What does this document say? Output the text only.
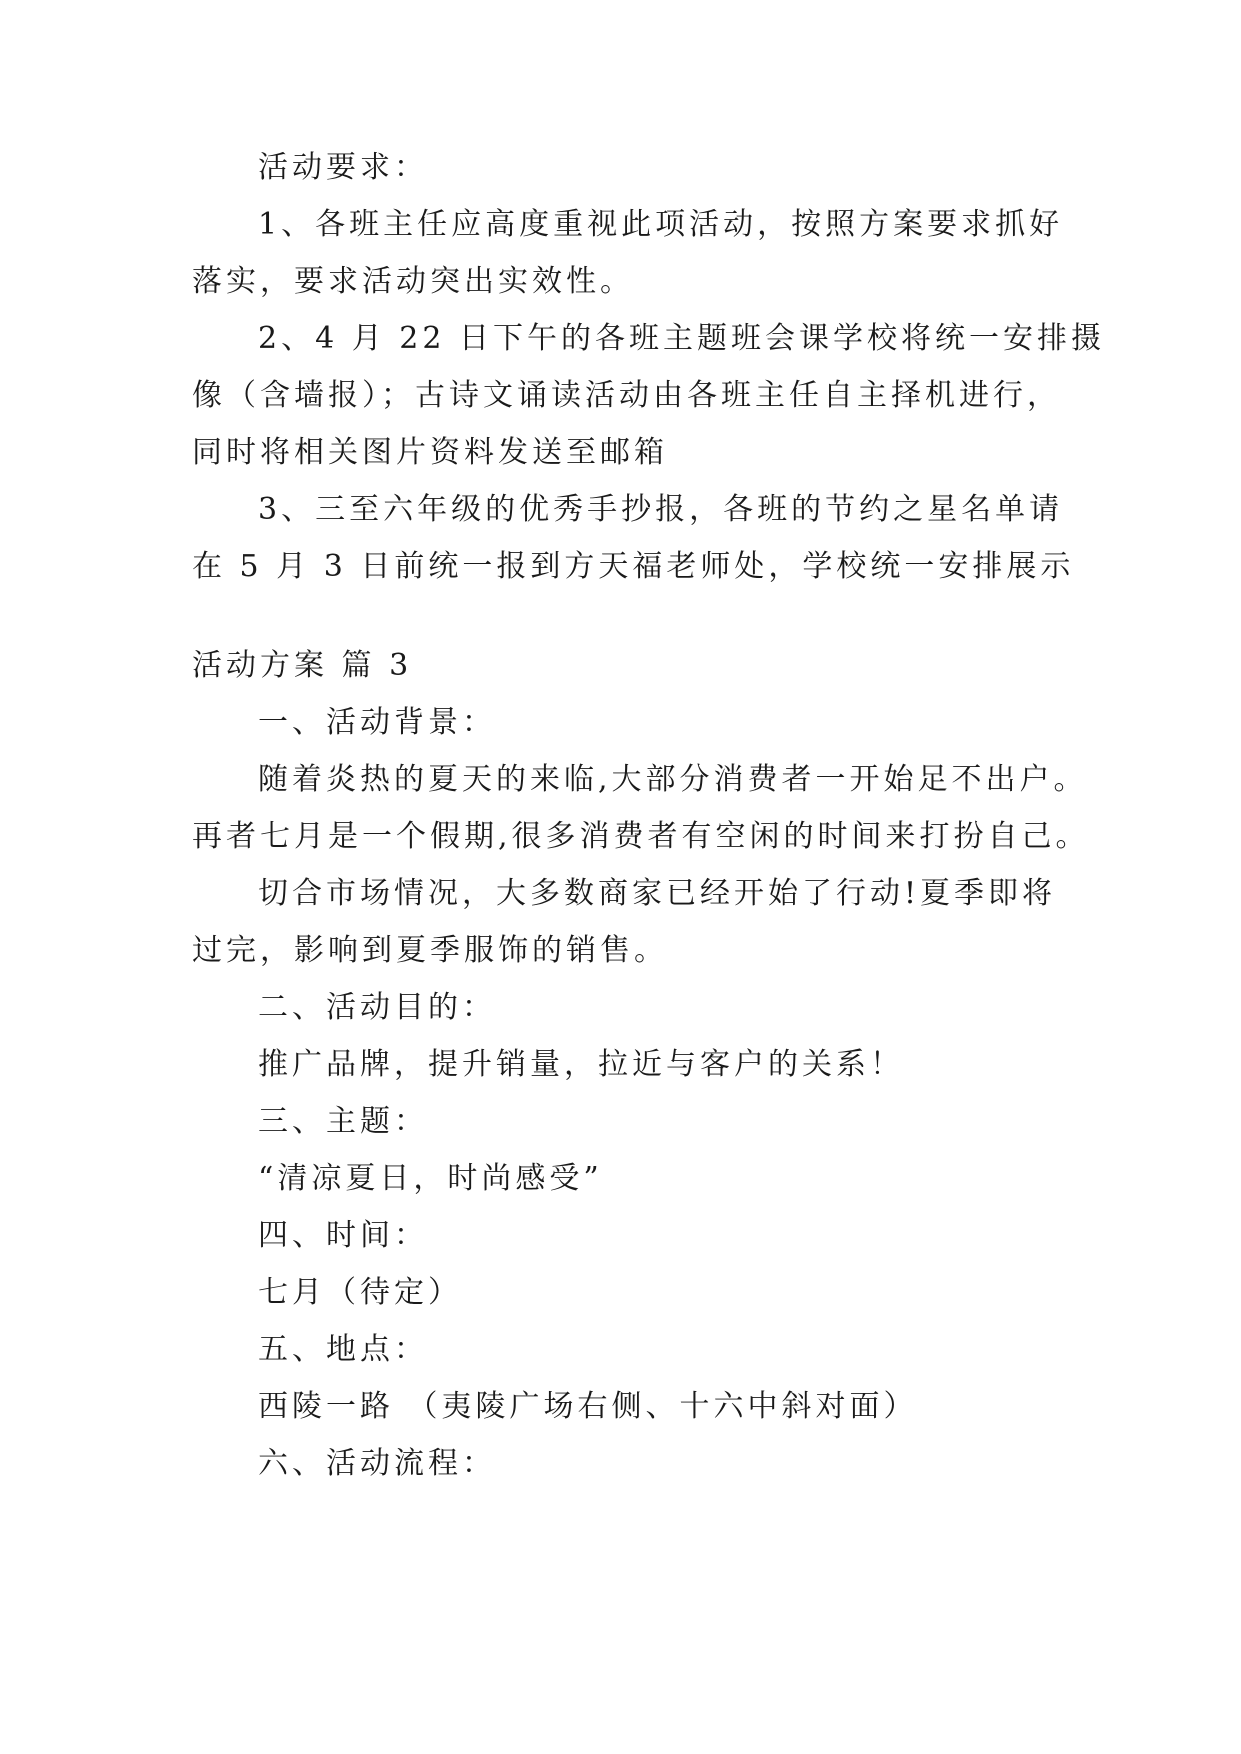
活动要求：
1、各班主任应高度重视此项活动，按照方案要求抓好
落实，要求活动突出实效性。
2、4 月 22 日下午的各班主题班会课学校将统一安排摄
像（含墙报）；古诗文诵读活动由各班主任自主择机进行，
同时将相关图片资料发送至邮箱
3、三至六年级的优秀手抄报，各班的节约之星名单请
在 5 月 3 日前统一报到方天福老师处，学校统一安排展示
活动方案 篇 3
一、活动背景：
随着炎热的夏天的来临,大部分消费者一开始足不出户。
再者七月是一个假期,很多消费者有空闲的时间来打扮自己。
切合市场情况，大多数商家已经开始了行动!夏季即将
过完，影响到夏季服饰的销售。
二、活动目的：
推广品牌，提升销量，拉近与客户的关系！
三、主题：
“清凉夏日，时尚感受”
四、时间：
七月（待定）
五、地点：
西陵一路 （夷陵广场右侧、十六中斜对面）
六、活动流程：
